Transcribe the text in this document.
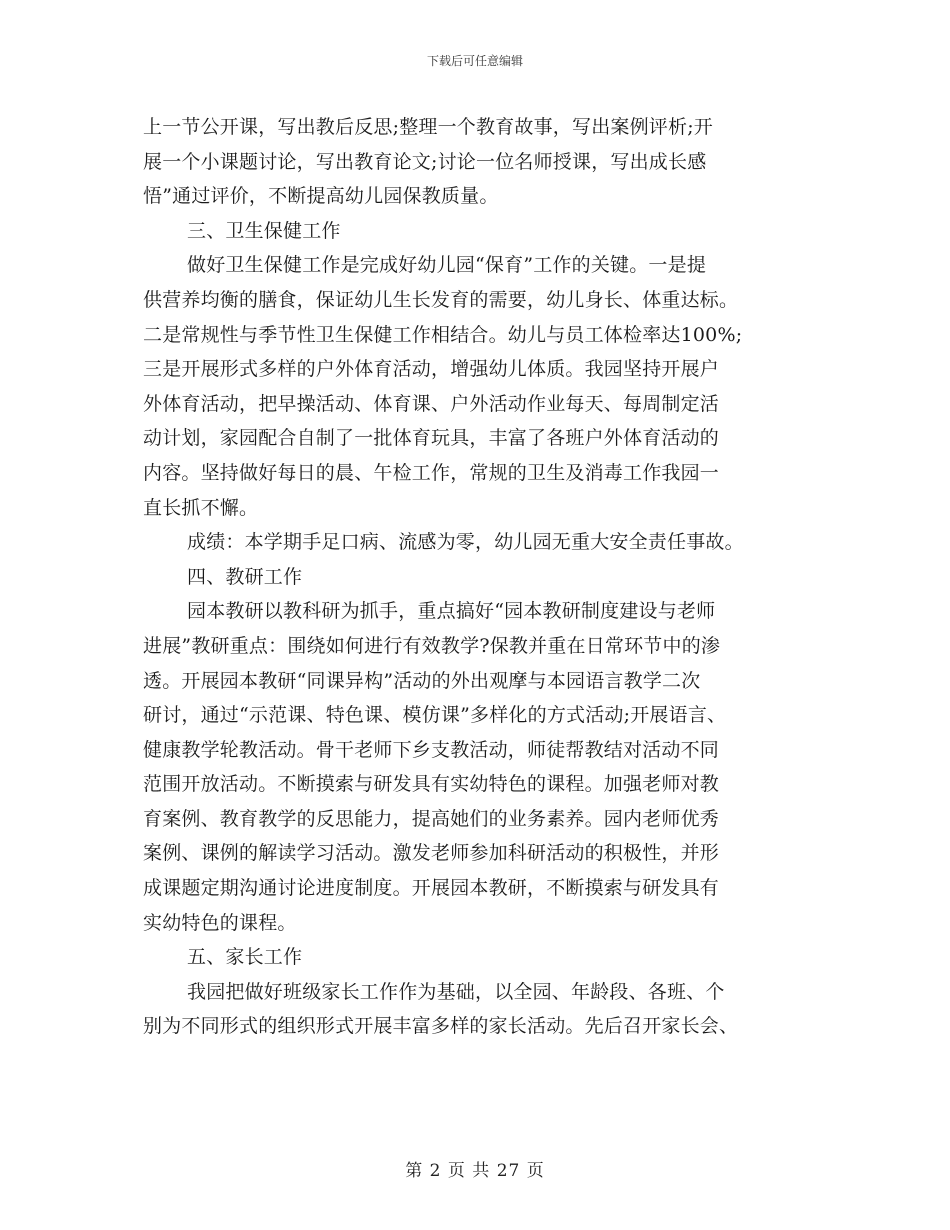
下载后可任意编辑
上一节公开课，写出教后反思;整理一个教育故事，写出案例评析;开
展一个小课题讨论，写出教育论文;讨论一位名师授课，写出成长感
悟”通过评价，不断提高幼儿园保教质量。
三、卫生保健工作
做好卫生保健工作是完成好幼儿园“保育”工作的关键。一是提
供营养均衡的膳食，保证幼儿生长发育的需要，幼儿身长、体重达标。
二是常规性与季节性卫生保健工作相结合。幼儿与员工体检率达100%;
三是开展形式多样的户外体育活动，增强幼儿体质。我园坚持开展户
外体育活动，把早操活动、体育课、户外活动作业每天、每周制定活
动计划，家园配合自制了一批体育玩具，丰富了各班户外体育活动的
内容。坚持做好每日的晨、午检工作，常规的卫生及消毒工作我园一
直长抓不懈。
成绩：本学期手足口病、流感为零，幼儿园无重大安全责任事故。
四、教研工作
园本教研以教科研为抓手，重点搞好“园本教研制度建设与老师
进展”教研重点：围绕如何进行有效教学?保教并重在日常环节中的渗
透。开展园本教研“同课异构”活动的外出观摩与本园语言教学二次
研讨，通过“示范课、特色课、模仿课”多样化的方式活动;开展语言、
健康教学轮教活动。骨干老师下乡支教活动，师徒帮教结对活动不同
范围开放活动。不断摸索与研发具有实幼特色的课程。加强老师对教
育案例、教育教学的反思能力，提高她们的业务素养。园内老师优秀
案例、课例的解读学习活动。激发老师参加科研活动的积极性，并形
成课题定期沟通讨论进度制度。开展园本教研，不断摸索与研发具有
实幼特色的课程。
五、家长工作
我园把做好班级家长工作作为基础，以全园、年龄段、各班、个
别为不同形式的组织形式开展丰富多样的家长活动。先后召开家长会、
第 2 页 共 27 页
